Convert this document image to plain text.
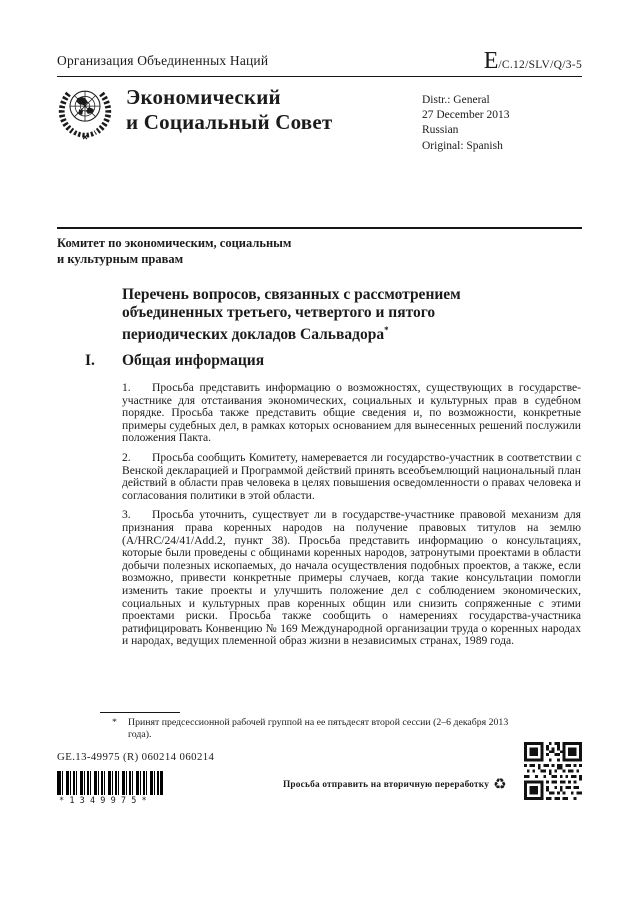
Организация Объединенных Наций	E/C.12/SLV/Q/3-5
Экономический
и Социальный Совет
Distr.: General
27 December 2013
Russian
Original: Spanish
Комитет по экономическим, социальным
и культурным правам
Перечень вопросов, связанных с рассмотрением объединенных третьего, четвертого и пятого периодических докладов Сальвадора*
I.	Общая информация

1. Просьба представить информацию о возможностях, существующих в государстве-участнике для отстаивания экономических, социальных и культурных прав в судебном порядке. Просьба также представить общие сведения и, по возможности, конкретные примеры судебных дел, в рамках которых основанием для вынесенных решений послужили положения Пакта.

2. Просьба сообщить Комитету, намеревается ли государство-участник в соответствии с Венской декларацией и Программой действий принять всеобъемлющий национальный план действий в области прав человека в целях повышения осведомленности о правах человека и согласования политики в этой области.

3. Просьба уточнить, существует ли в государстве-участнике правовой механизм для признания права коренных народов на получение правовых титулов на землю (A/HRC/24/41/Add.2, пункт 38). Просьба представить информацию о консультациях, которые были проведены с общинами коренных народов, затронутыми проектами в области добычи полезных ископаемых, до начала осуществления подобных проектов, а также, если возможно, привести конкретные примеры случаев, когда такие консультации помогли изменить такие проекты и улучшить положение дел с соблюдением экономических, социальных и культурных прав коренных общин или снизить сопряженные с этими проектами риски. Просьба также сообщить о намерениях государства-участника ратифицировать Конвенцию № 169 Международной организации труда о коренных народах и народах, ведущих племенной образ жизни в независимых странах, 1989 года.

* Принят предсессионной рабочей группой на ее пятьдесят второй сессии (2–6 декабря 2013 года).
GE.13-49975 (R) 060214 060214
*1349975*
Просьба отправить на вторичную переработку ♻
